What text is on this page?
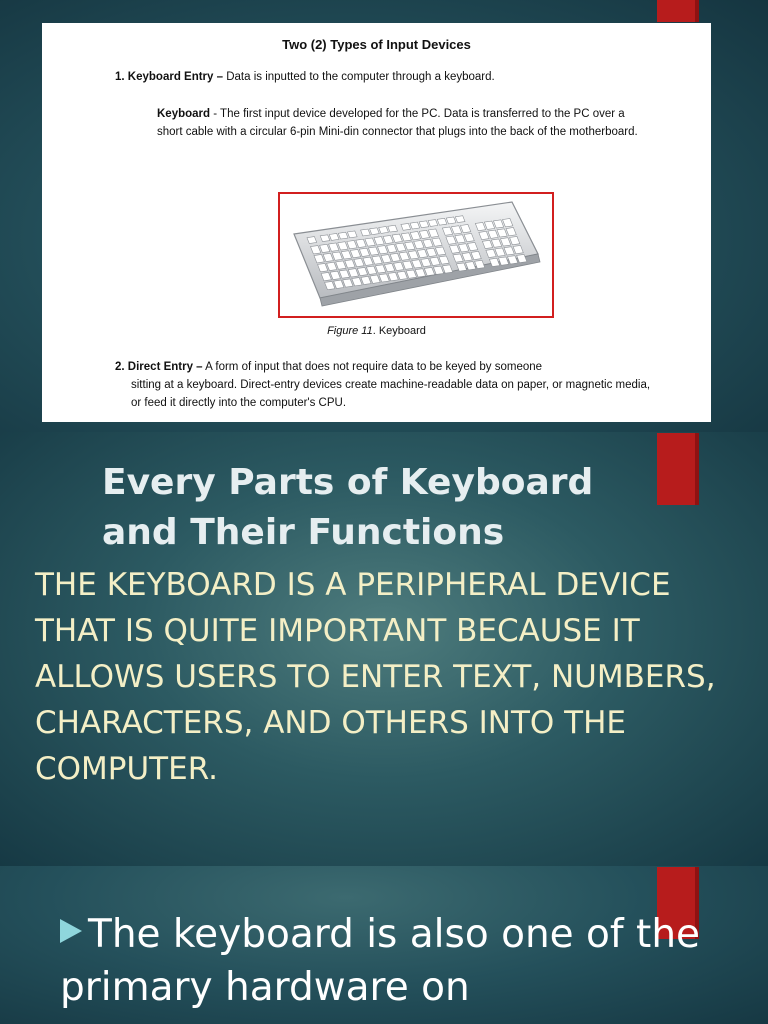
Two (2) Types of Input Devices
1. Keyboard Entry – Data is inputted to the computer through a keyboard.
Keyboard - The first input device developed for the PC. Data is transferred to the PC over a short cable with a circular 6-pin Mini-din connector that plugs into the back of the motherboard.
Figure 11. Keyboard
2. Direct Entry – A form of input that does not require data to be keyed by someone
sitting at a keyboard. Direct-entry devices create machine-readable data on paper, or magnetic media, or feed it directly into the computer's CPU.
Every Parts of Keyboard
and Their Functions

THE KEYBOARD IS A PERIPHERAL DEVICE THAT IS QUITE IMPORTANT BECAUSE IT ALLOWS USERS TO ENTER TEXT, NUMBERS, CHARACTERS, AND OTHERS INTO THE COMPUTER.

The keyboard is also one of the primary hardware on
